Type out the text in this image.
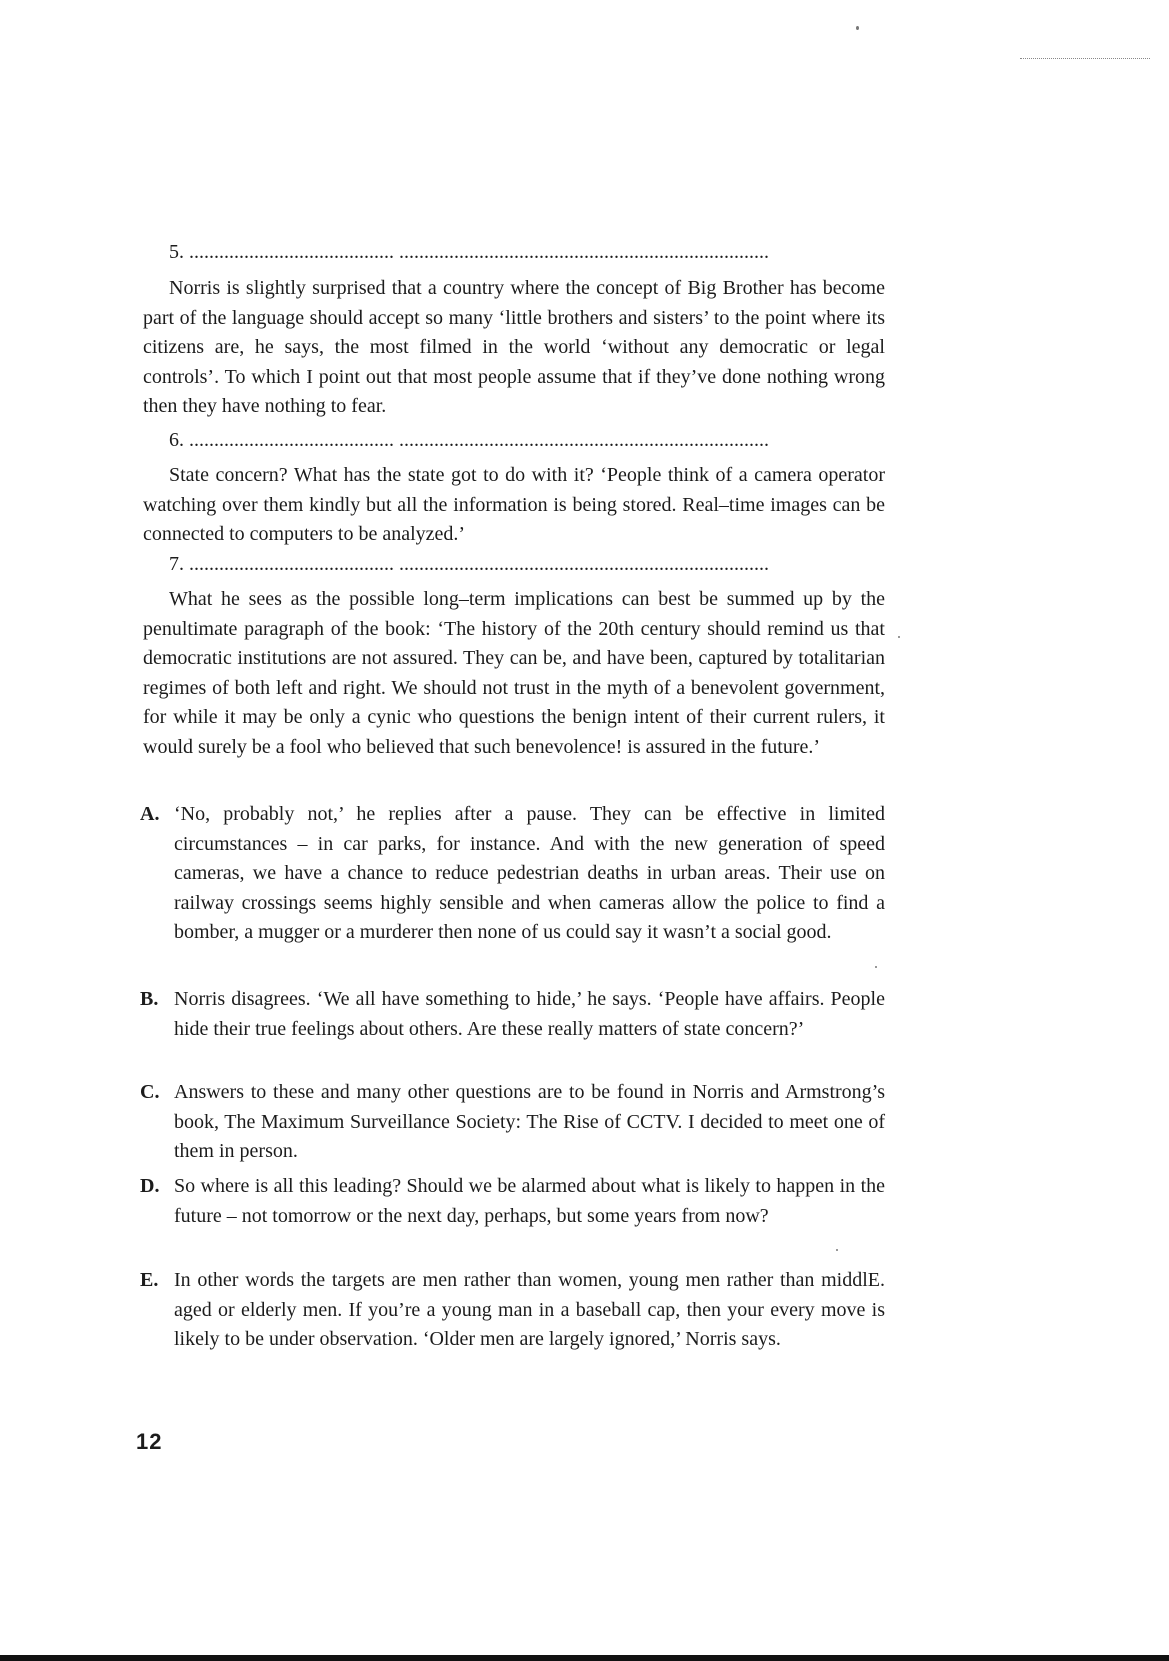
5. ......................................... ..........................................................................

Norris is slightly surprised that a country where the concept of Big Brother has become part of the language should accept so many ‘little brothers and sisters’ to the point where its citizens are, he says, the most filmed in the world ‘without any democratic or legal controls’. To which I point out that most people assume that if they’ve done nothing wrong then they have nothing to fear.

6. ......................................... ..........................................................................

State concern? What has the state got to do with it? ‘People think of a camera operator watching over them kindly but all the information is being stored. Real–time images can be connected to computers to be analyzed.’

7. ......................................... ..........................................................................

What he sees as the possible long–term implications can best be summed up by the penultimate paragraph of the book: ‘The history of the 20th century should remind us that democratic institutions are not assured. They can be, and have been, captured by totalitarian regimes of both left and right. We should not trust in the myth of a benevolent government, for while it may be only a cynic who questions the benign intent of their current rulers, it would surely be a fool who believed that such benevolence! is assured in the future.’

A. ‘No, probably not,’ he replies after a pause. They can be effective in limited circumstances – in car parks, for instance. And with the new generation of speed cameras, we have a chance to reduce pedestrian deaths in urban areas. Their use on railway crossings seems highly sensible and when cameras allow the police to find a bomber, a mugger or a murderer then none of us could say it wasn’t a social good.
B. Norris disagrees. ‘We all have something to hide,’ he says. ‘People have affairs. People hide their true feelings about others. Are these really matters of state concern?’
C. Answers to these and many other questions are to be found in Norris and Armstrong’s book, The Maximum Surveillance Society: The Rise of CCTV. I decided to meet one of them in person.
D. So where is all this leading? Should we be alarmed about what is likely to happen in the future – not tomorrow or the next day, perhaps, but some years from now?
E. In other words the targets are men rather than women, young men rather than middlE. aged or elderly men. If you’re a young man in a baseball cap, then your every move is likely to be under observation. ‘Older men are largely ignored,’ Norris says.
12
